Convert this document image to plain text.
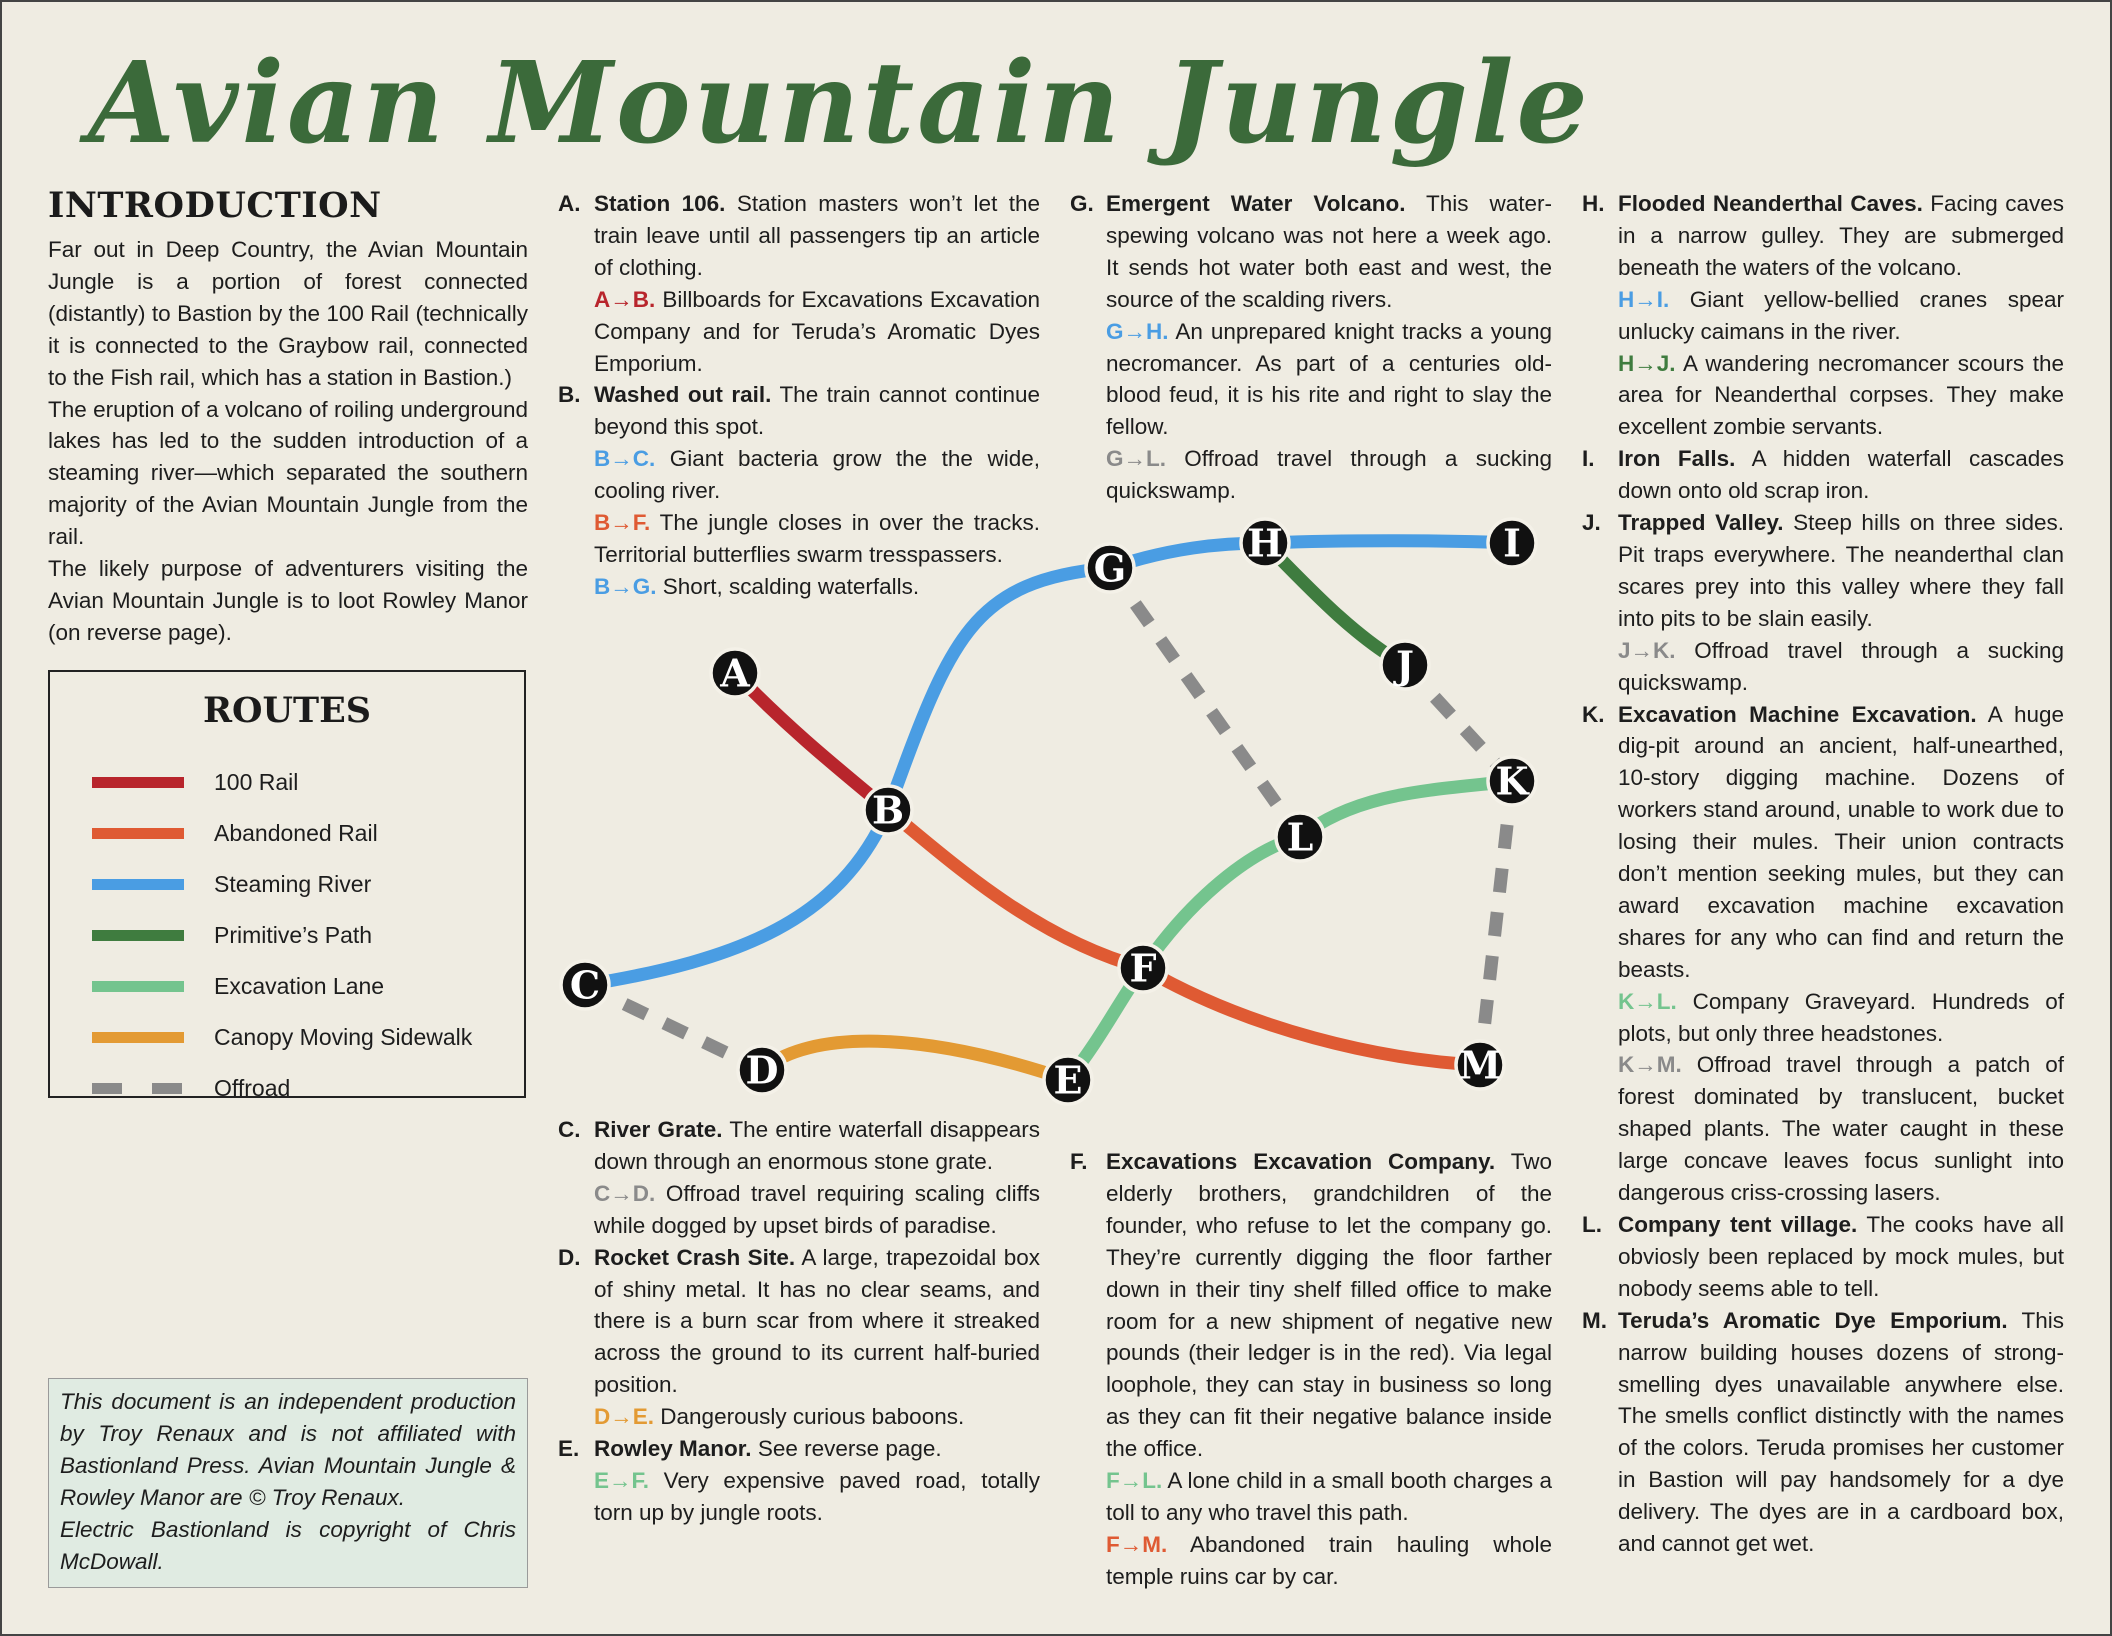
Avian Mountain Jungle
INTRODUCTION

Far out in Deep Country, the Avian Mountain Jungle is a portion of forest connected (distantly) to Bastion by the 100 Rail (technically it is connected to the Graybow rail, connected to the Fish rail, which has a station in Bastion.)

The eruption of a volcano of roiling underground lakes has led to the sudden introduction of a steaming river—which separated the southern majority of the Avian Mountain Jungle from the rail.

The likely purpose of adventurers visiting the Avian Mountain Jungle is to loot Rowley Manor (on reverse page).

ROUTES
100 Rail
Abandoned Rail
Steaming River
Primitive’s Path
Excavation Lane
Canopy Moving Sidewalk
Offroad

This document is an independent production by Troy Renaux and is not affiliated with Bastionland Press. Avian Mountain Jungle & Rowley Manor are © Troy Renaux.

Electric Bastionland is copyright of Chris McDowall.

A. Station 106. Station masters won’t let the train leave until all passengers tip an article of clothing.

A→B. Billboards for Excavations Excavation Company and for Teruda’s Aromatic Dyes Emporium.

B. Washed out rail. The train cannot continue beyond this spot.

B→C. Giant bacteria grow the the wide, cooling river.

B→F. The jungle closes in over the tracks. Territorial butterflies swarm tresspassers.

B→G. Short, scalding waterfalls.

C. River Grate. The entire waterfall disappears down through an enormous stone grate.

C→D. Offroad travel requiring scaling cliffs while dogged by upset birds of paradise.

D. Rocket Crash Site. A large, trapezoidal box of shiny metal. It has no clear seams, and there is a burn scar from where it streaked across the ground to its current half-buried position.

D→E. Dangerously curious baboons.

E. Rowley Manor. See reverse page.

E→F. Very expensive paved road, totally torn up by jungle roots.

G. Emergent Water Volcano. This water-spewing volcano was not here a week ago. It sends hot water both east and west, the source of the scalding rivers.

G→H. An unprepared knight tracks a young necromancer. As part of a centuries old-blood feud, it is his rite and right to slay the fellow.

G→L. Offroad travel through a sucking quickswamp.

F. Excavations Excavation Company. Two elderly brothers, grandchildren of the founder, who refuse to let the company go. They’re currently digging the floor farther down in their tiny shelf filled office to make room for a new shipment of negative new pounds (their ledger is in the red). Via legal loophole, they can stay in business so long as they can fit their negative balance inside the office.

F→L. A lone child in a small booth charges a toll to any who travel this path.

F→M. Abandoned train hauling whole temple ruins car by car.

H. Flooded Neanderthal Caves. Facing caves in a narrow gulley. They are submerged beneath the waters of the volcano.

H→I. Giant yellow-bellied cranes spear unlucky caimans in the river.

H→J. A wandering necromancer scours the area for Neanderthal corpses. They make excellent zombie servants.

I.	Iron Falls. A hidden waterfall cascades down onto old scrap iron.
J. Trapped Valley. Steep hills on three sides. Pit traps everywhere. The neanderthal clan scares prey into this valley where they fall into pits to be slain easily.

J→K. Offroad travel through a sucking quickswamp.

K. Excavation Machine Excavation. A huge dig-pit around an ancient, half-unearthed, 10-story digging machine. Dozens of workers stand around, unable to work due to losing their mules. Their union contracts don’t mention seeking mules, but they can award excavation machine excavation shares for any who can find and return the beasts.

K→L. Company Graveyard. Hundreds of plots, but only three headstones.

K→M. Offroad travel through a patch of forest dominated by translucent, bucket shaped plants. The water caught in these large concave leaves focus sunlight into dangerous criss-crossing lasers.

L. Company tent village. The cooks have all obviosly been replaced by mock mules, but nobody seems able to tell.
M. Teruda’s Aromatic Dye Emporium. This narrow building houses dozens of strong-smelling dyes unavailable anywhere else. The smells conflict distinctly with the names of the colors. Teruda promises her customer in Bastion will pay handsomely for a dye delivery. The dyes are in a cardboard box, and cannot get wet.
A
B
C
D	E
F
G
H	I
J
K
L
M
